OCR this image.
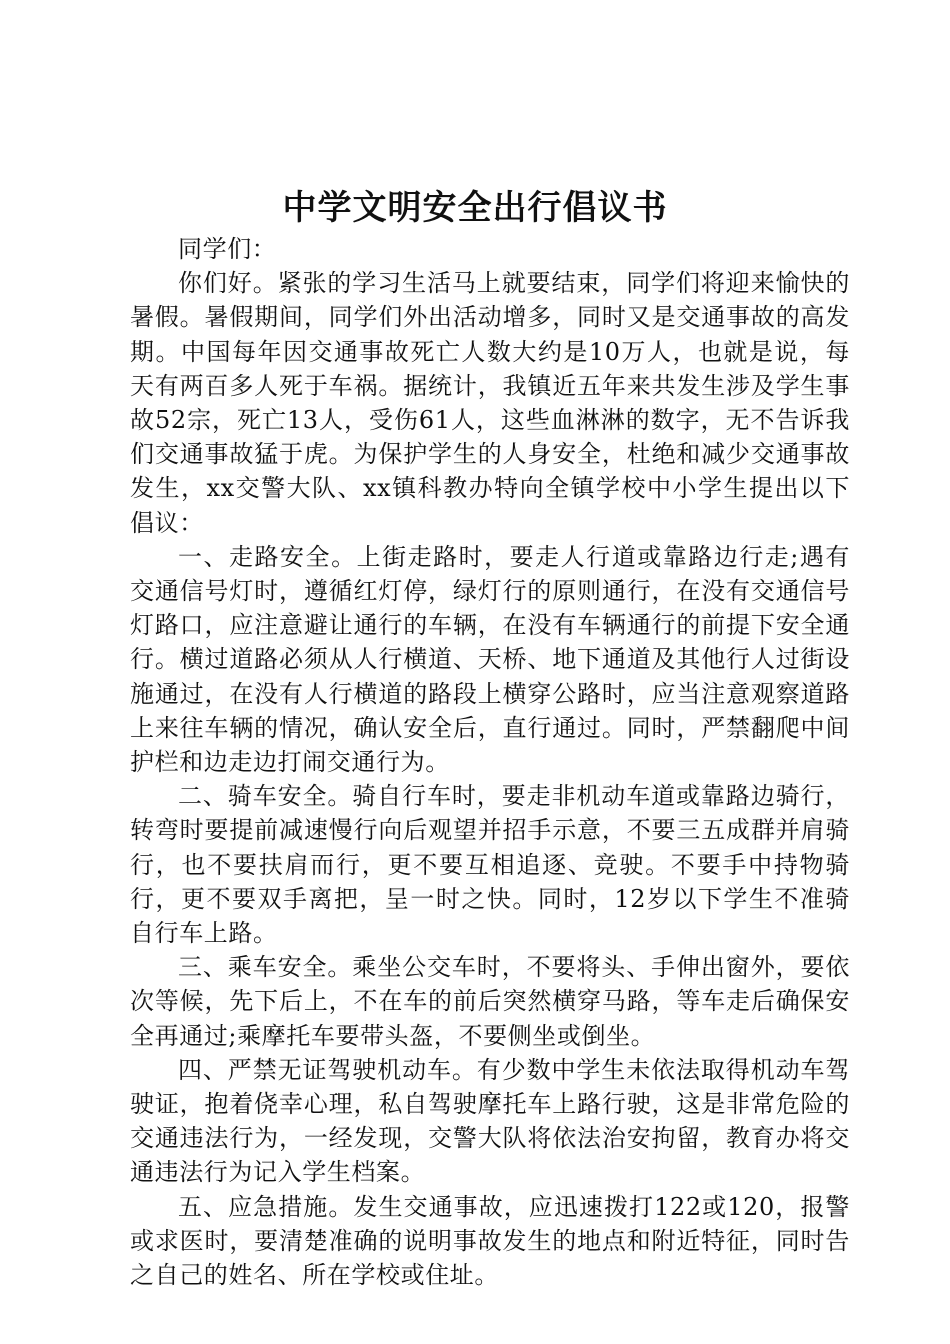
中学文明安全出行倡议书

同学们：

你们好。紧张的学习生活马上就要结束，同学们将迎来愉快的暑假。暑假期间，同学们外出活动增多，同时又是交通事故的高发期。中国每年因交通事故死亡人数大约是10万人，也就是说，每天有两百多人死于车祸。据统计，我镇近五年来共发生涉及学生事故52宗，死亡13人，受伤61人，这些血淋淋的数字，无不告诉我们交通事故猛于虎。为保护学生的人身安全，杜绝和减少交通事故发生，xx交警大队、xx镇科教办特向全镇学校中小学生提出以下倡议：

一、走路安全。上街走路时，要走人行道或靠路边行走;遇有交通信号灯时，遵循红灯停，绿灯行的原则通行，在没有交通信号灯路口，应注意避让通行的车辆，在没有车辆通行的前提下安全通行。横过道路必须从人行横道、天桥、地下通道及其他行人过街设施通过，在没有人行横道的路段上横穿公路时，应当注意观察道路上来往车辆的情况，确认安全后，直行通过。同时，严禁翻爬中间护栏和边走边打闹交通行为。

二、骑车安全。骑自行车时，要走非机动车道或靠路边骑行，转弯时要提前减速慢行向后观望并招手示意，不要三五成群并肩骑行，也不要扶肩而行，更不要互相追逐、竞驶。不要手中持物骑行，更不要双手离把，呈一时之快。同时，12岁以下学生不准骑自行车上路。

三、乘车安全。乘坐公交车时，不要将头、手伸出窗外，要依次等候，先下后上，不在车的前后突然横穿马路，等车走后确保安全再通过;乘摩托车要带头盔，不要侧坐或倒坐。

四、严禁无证驾驶机动车。有少数中学生未依法取得机动车驾驶证，抱着侥幸心理，私自驾驶摩托车上路行驶，这是非常危险的交通违法行为，一经发现，交警大队将依法治安拘留，教育办将交通违法行为记入学生档案。

五、应急措施。发生交通事故，应迅速拨打122或120，报警或求医时，要清楚准确的说明事故发生的地点和附近特征，同时告之自己的姓名、所在学校或住址。
